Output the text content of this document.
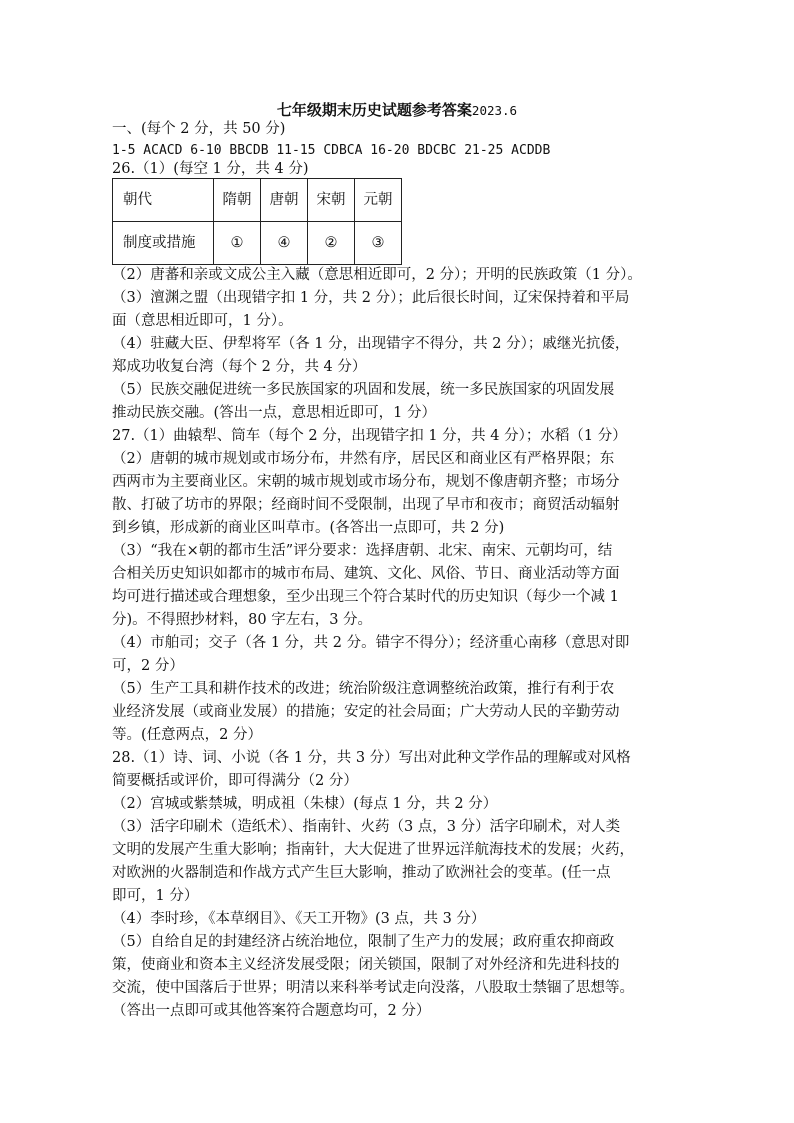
七年级期末历史试题参考答案2023.6
一、(每个 2 分，共 50 分)
1-5 ACACD 6-10 BBCDB 11-15 CDBCA 16-20 BDCBC 21-25 ACDDB
26.（1）(每空 1 分，共 4 分)
朝代	隋朝	唐朝	宋朝	元朝
制度或措施	①	④	②	③
（2）唐蕃和亲或文成公主入藏（意思相近即可，2 分）；开明的民族政策（1 分）。
（3）澶渊之盟（出现错字扣 1 分，共 2 分）；此后很长时间，辽宋保持着和平局
面（意思相近即可，1 分）。
（4）驻藏大臣、伊犁将军（各 1 分，出现错字不得分，共 2 分）；戚继光抗倭，
郑成功收复台湾（每个 2 分，共 4 分）
（5）民族交融促进统一多民族国家的巩固和发展，统一多民族国家的巩固发展
推动民族交融。(答出一点，意思相近即可，1 分）
27.（1）曲辕犁、筒车（每个 2 分，出现错字扣 1 分，共 4 分）；水稻（1 分）
（2）唐朝的城市规划或市场分布，井然有序，居民区和商业区有严格界限；东
西两市为主要商业区。宋朝的城市规划或市场分布，规划不像唐朝齐整；市场分
散、打破了坊市的界限；经商时间不受限制，出现了早市和夜市；商贸活动辐射
到乡镇，形成新的商业区叫草市。(各答出一点即可，共 2 分)
（3）“我在×朝的都市生活”评分要求：选择唐朝、北宋、南宋、元朝均可，结
合相关历史知识如都市的城市布局、建筑、文化、风俗、节日、商业活动等方面
均可进行描述或合理想象，至少出现三个符合某时代的历史知识（每少一个减 1
分)。不得照抄材料，80 字左右，3 分。
（4）市舶司；交子（各 1 分，共 2 分。错字不得分）；经济重心南移（意思对即
可，2 分）
（5）生产工具和耕作技术的改进；统治阶级注意调整统治政策，推行有利于农
业经济发展（或商业发展）的措施；安定的社会局面；广大劳动人民的辛勤劳动
等。(任意两点，2 分）
28.（1）诗、词、小说（各 1 分，共 3 分）写出对此种文学作品的理解或对风格
简要概括或评价，即可得满分（2 分）
（2）宫城或紫禁城，明成祖（朱棣）(每点 1 分，共 2 分）
（3）活字印刷术（造纸术）、指南针、火药（3 点，3 分）活字印刷术，对人类
文明的发展产生重大影响；指南针，大大促进了世界远洋航海技术的发展；火药，
对欧洲的火器制造和作战方式产生巨大影响，推动了欧洲社会的变革。(任一点
即可，1 分）
（4）李时珍，《本草纲目》、《天工开物》(3 点，共 3 分）
（5）自给自足的封建经济占统治地位，限制了生产力的发展；政府重农抑商政
策，使商业和资本主义经济发展受限；闭关锁国，限制了对外经济和先进科技的
交流，使中国落后于世界；明清以来科举考试走向没落，八股取士禁锢了思想等。
（答出一点即可或其他答案符合题意均可，2 分）
